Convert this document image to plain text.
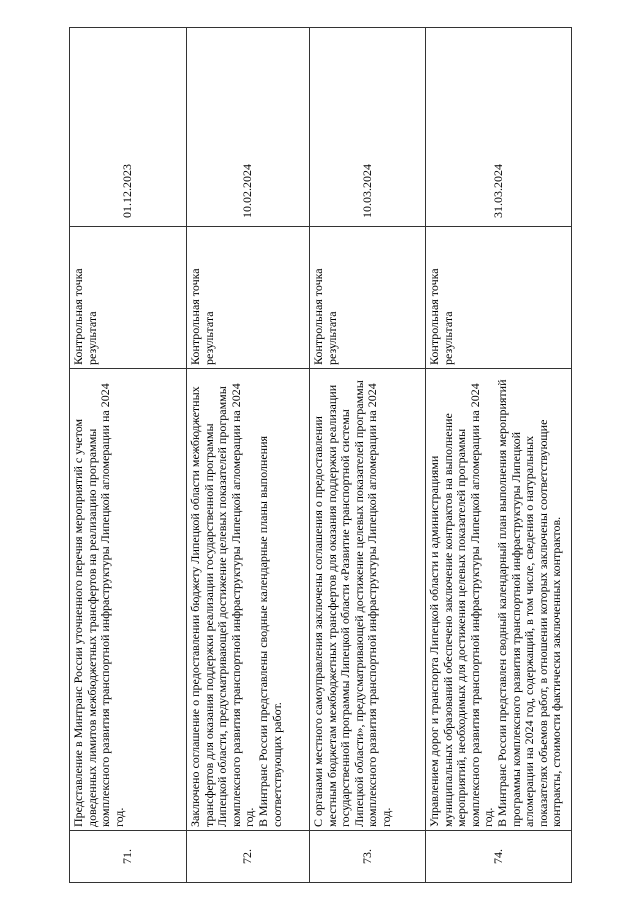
71.	Представление в Минтранс России уточненного перечня мероприятий с учетом доведенных лимитов межбюджетных трансфертов на реализацию программы комплексного развития транспортной инфраструктуры Липецкой агломерации на 2024 год.	Контрольная точка результата	01.12.2023
72.	Заключено соглашение о предоставлении бюджету Липецкой области межбюджетных трансфертов для оказания поддержки реализации государственной программы Липецкой области, предусматривающей достижение целевых показателей программы комплексного развития транспортной инфраструктуры Липецкой агломерации на 2024 год. В Минтранс России представлены сводные календарные планы выполнения соответствующих работ.	Контрольная точка результата	10.02.2024
73.	С органами местного самоуправления заключены соглашения о предоставлении местным бюджетам межбюджетных трансфертов для оказания поддержки реализации государственной программы Липецкой области «Развитие транспортной системы Липецкой области», предусматривающей достижение целевых показателей программы комплексного развития транспортной инфраструктуры Липецкой агломерации на 2024 год.	Контрольная точка результата	10.03.2024
74.	Управлением дорог и транспорта Липецкой области и администрациями муниципальных образований обеспечено заключение контрактов на выполнение мероприятий, необходимых для достижения целевых показателей программы комплексного развития транспортной инфраструктуры Липецкой агломерации на 2024 год. В Минтранс России представлен сводный календарный план выполнения мероприятий программы комплексного развития транспортной инфраструктуры Липецкой агломерации на 2024 год, содержащий, в том числе, сведения о натуральных показателях объемов работ, в отношении которых заключены соответствующие контракты, стоимости фактически заключенных контрактов.	Контрольная точка результата	31.03.2024
